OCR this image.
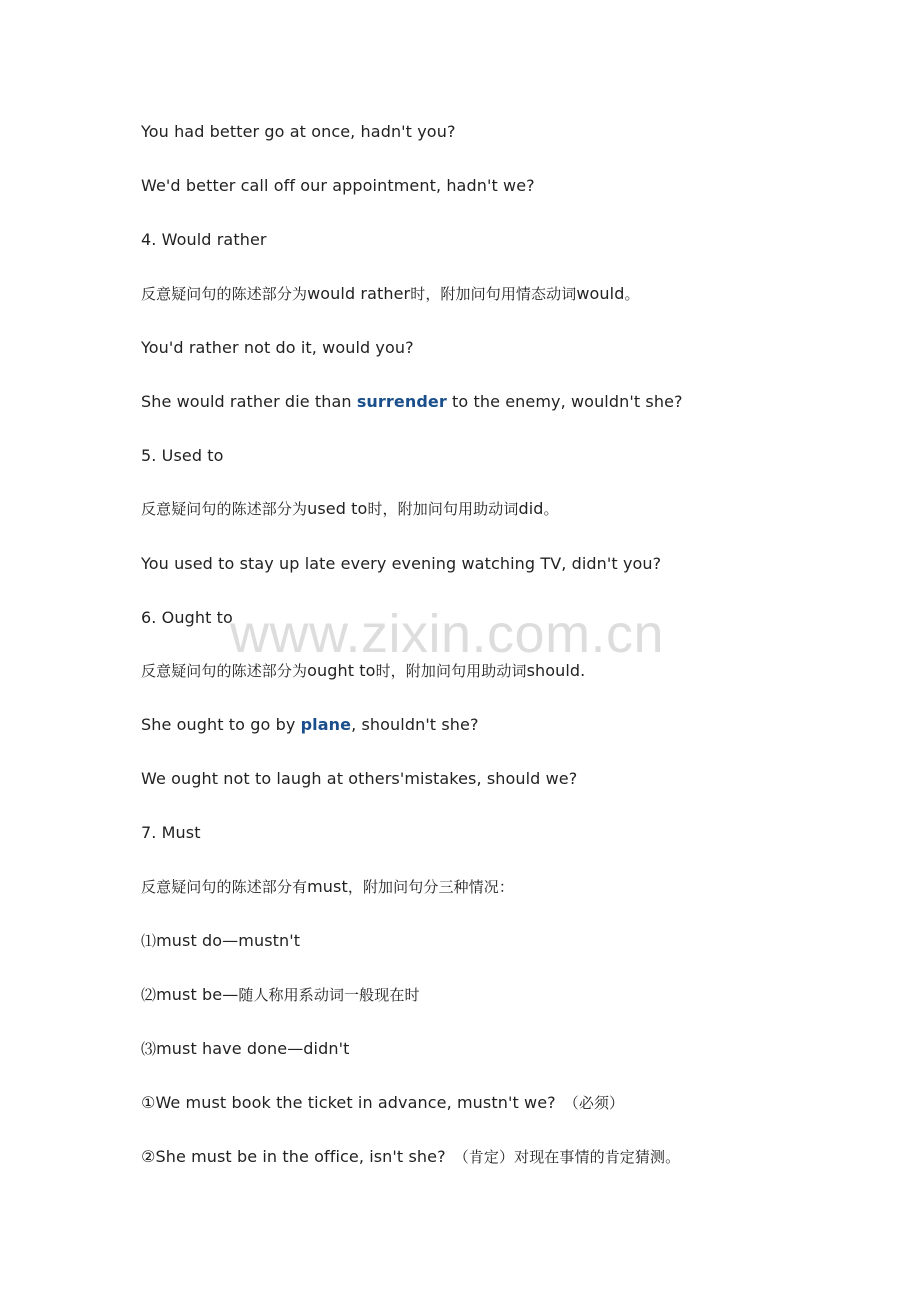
You had better go at once, hadn't you?
We'd better call off our appointment, hadn't we?
4. Would rather
反意疑问句的陈述部分为would rather时，附加问句用情态动词would。
You'd rather not do it, would you?
She would rather die than surrender to the enemy, wouldn't she?
5. Used to
反意疑问句的陈述部分为used to时，附加问句用助动词did。
You used to stay up late every evening watching TV, didn't you?
6. Ought to
反意疑问句的陈述部分为ought to时，附加问句用助动词should.
She ought to go by plane, shouldn't she?
We ought not to laugh at others'mistakes, should we?
7. Must
反意疑问句的陈述部分有must，附加问句分三种情况：
⑴must do—mustn't
⑵must be—随人称用系动词一般现在时
⑶must have done—didn't
①We must book the ticket in advance, mustn't we? （必须）
②She must be in the office, isn't she? （肯定）对现在事情的肯定猜测。
www.zixin.com.cn
